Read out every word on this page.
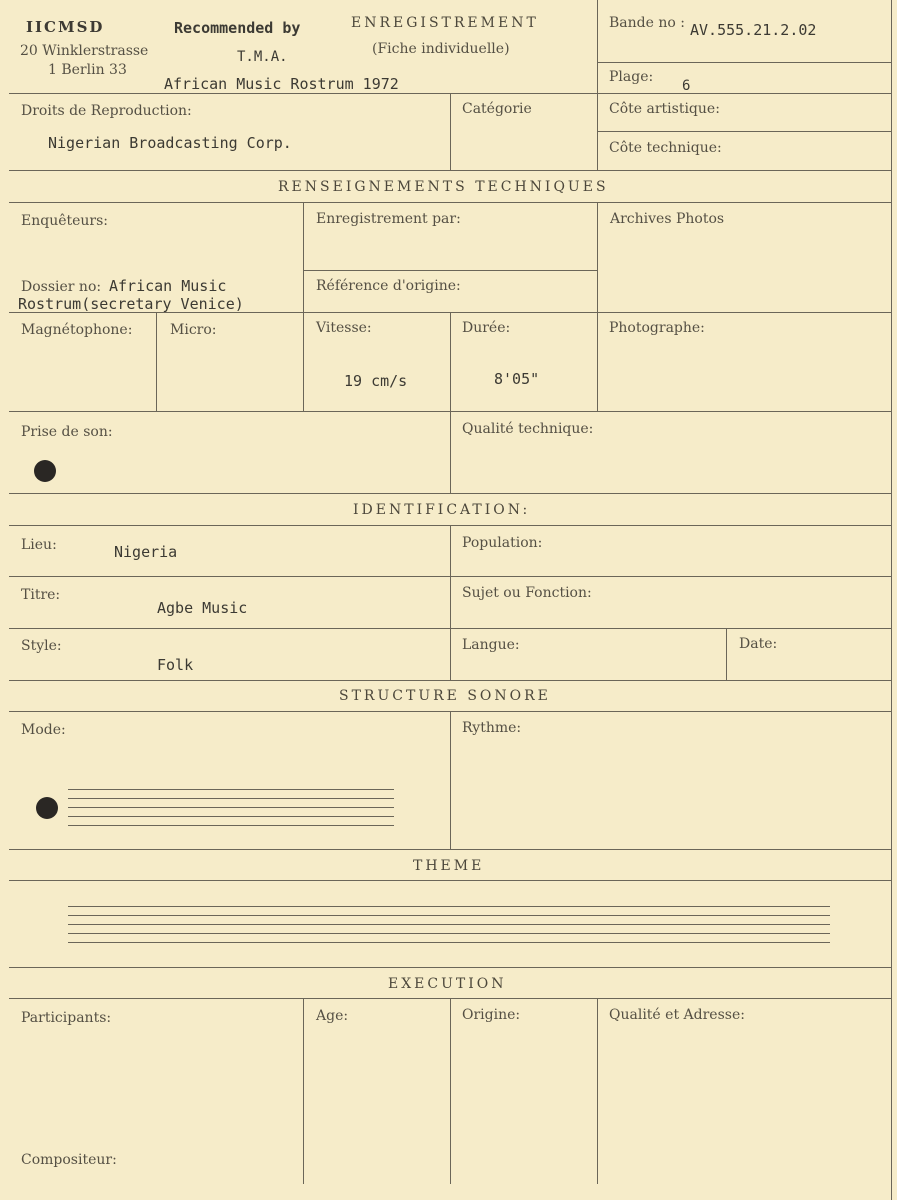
IICMSD	Recommended by
20 Winklerstrasse
1 Berlin 33
T.M.A.
African Music Rostrum 1972
ENREGISTREMENT
(Fiche individuelle)
Bande no : AV.555.21.2.02
Plage:
6
Droits de Reproduction:
Nigerian Broadcasting Corp.
Catégorie	Côte artistique:
Côte technique:
RENSEIGNEMENTS TECHNIQUES
Enquêteurs:	Enregistrement par:	Archives Photos
Dossier no: African Music
Rostrum(secretary Venice)
Référence d'origine:
Magnétophone:	Micro:	Vitesse:
19 cm/s
Durée:
8'05"
Photographe:
Prise de son:	Qualité technique:
IDENTIFICATION:
Lieu:	Nigeria	Population:
Titre:
Agbe Music
Sujet ou Fonction:
Style:
Folk
Langue:	Date:
STRUCTURE SONORE
Mode:	Rythme:
THEME
EXECUTION
Participants:	Age:	Origine:	Qualité et Adresse:
Compositeur:
